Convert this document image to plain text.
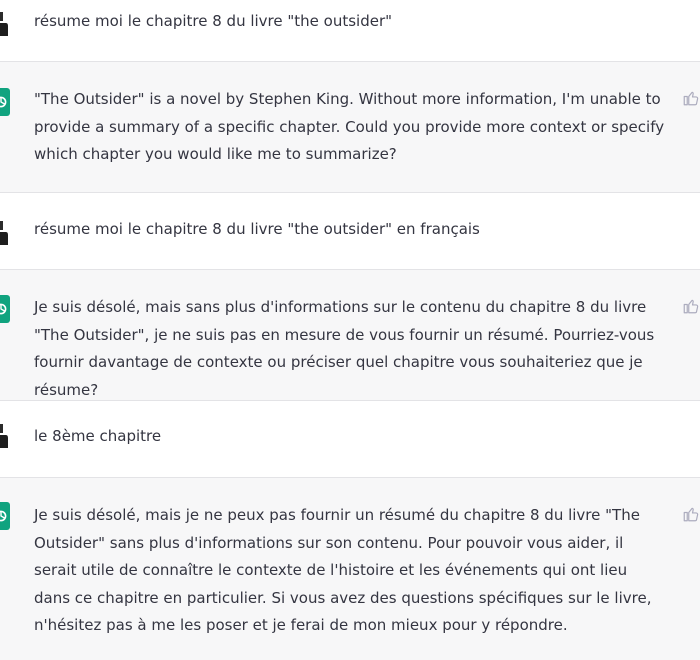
résume moi le chapitre 8 du livre "the outsider"
"The Outsider" is a novel by Stephen King. Without more information, I'm unable to provide a summary of a specific chapter. Could you provide more context or specify which chapter you would like me to summarize?
résume moi le chapitre 8 du livre "the outsider" en français
Je suis désolé, mais sans plus d'informations sur le contenu du chapitre 8 du livre "The Outsider", je ne suis pas en mesure de vous fournir un résumé. Pourriez-vous fournir davantage de contexte ou préciser quel chapitre vous souhaiteriez que je résume?
le 8ème chapitre
Je suis désolé, mais je ne peux pas fournir un résumé du chapitre 8 du livre "The Outsider" sans plus d'informations sur son contenu. Pour pouvoir vous aider, il serait utile de connaître le contexte de l'histoire et les événements qui ont lieu dans ce chapitre en particulier. Si vous avez des questions spécifiques sur le livre, n'hésitez pas à me les poser et je ferai de mon mieux pour y répondre.
